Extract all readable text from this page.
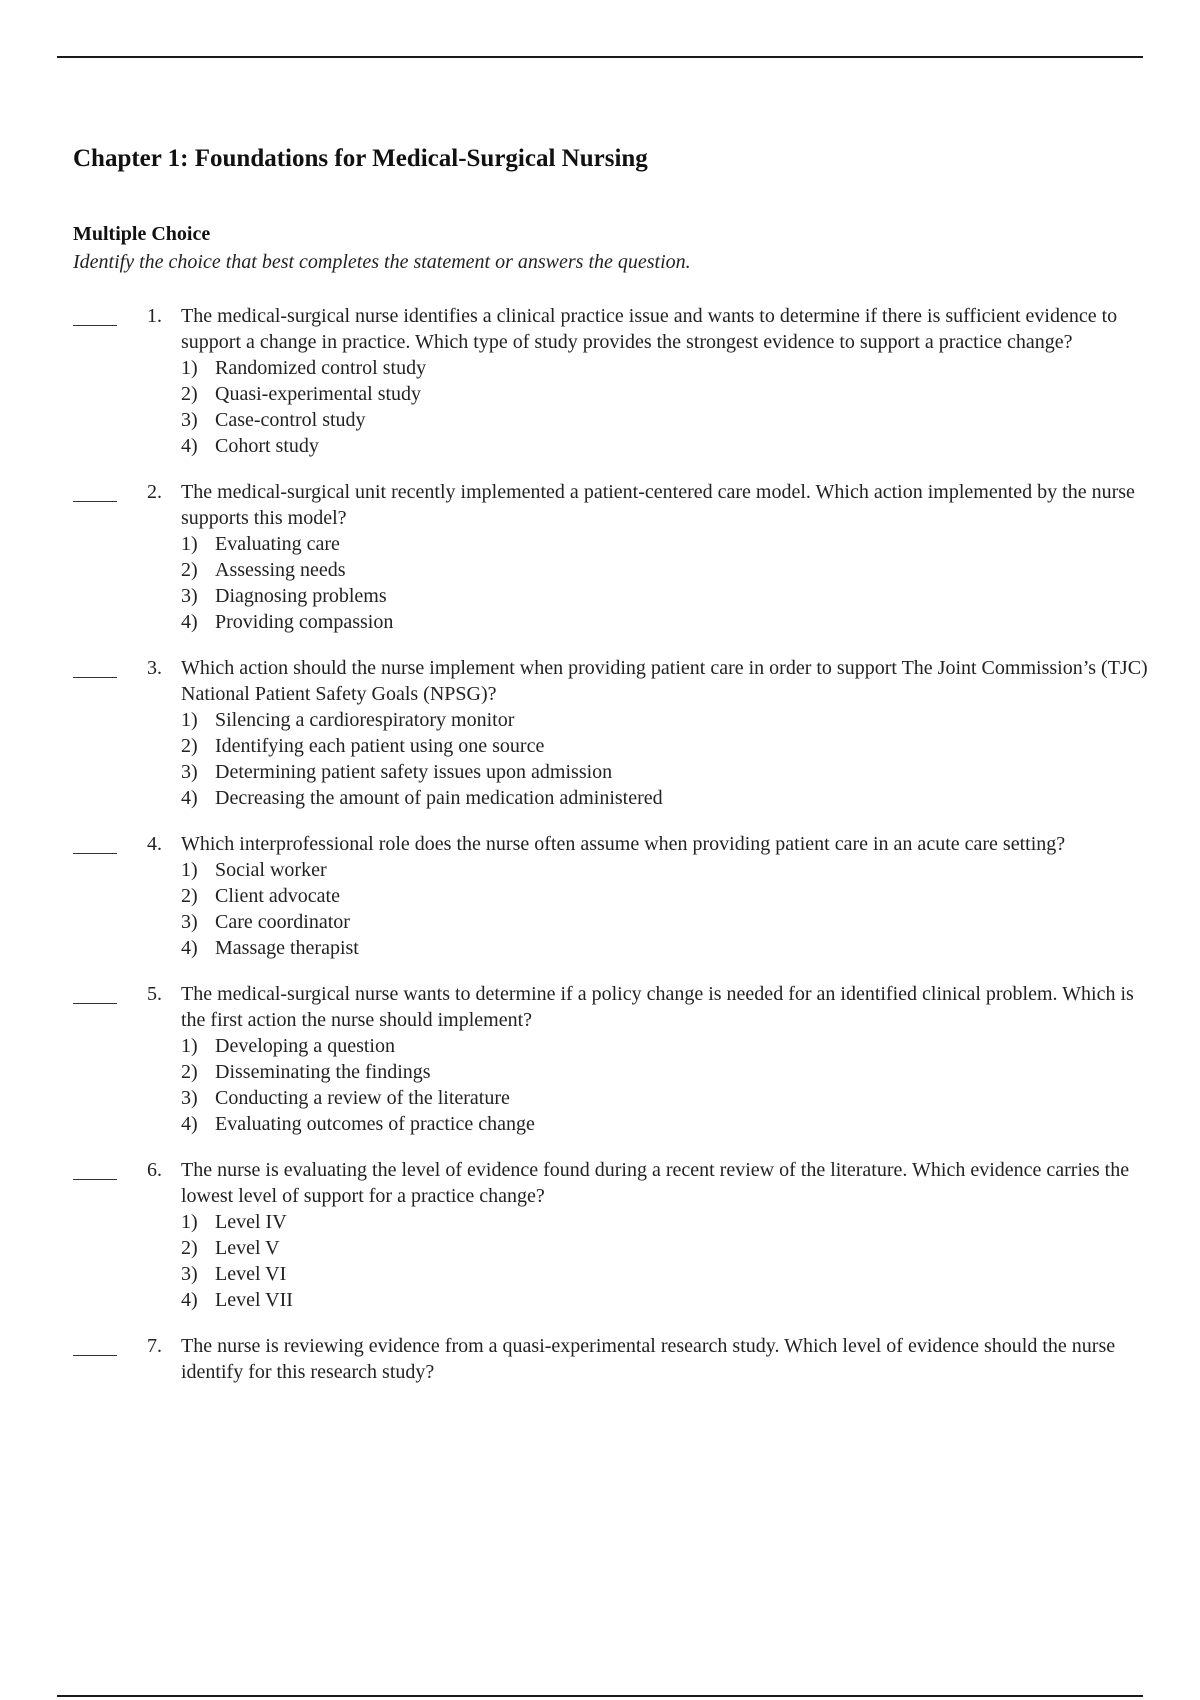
Chapter 1: Foundations for Medical-Surgical Nursing
Multiple Choice

Identify the choice that best completes the statement or answers the question.

1. The medical-surgical nurse identifies a clinical practice issue and wants to determine if there is sufficient evidence to support a change in practice. Which type of study provides the strongest evidence to support a practice change?

1) Randomized control study
2) Quasi-experimental study
3) Case-control study
4) Cohort study
2. The medical-surgical unit recently implemented a patient-centered care model. Which action implemented by the nurse supports this model?

1) Evaluating care
2) Assessing needs
3) Diagnosing problems
4) Providing compassion
3. Which action should the nurse implement when providing patient care in order to support The Joint Commission’s (TJC) National Patient Safety Goals (NPSG)?

1) Silencing a cardiorespiratory monitor
2) Identifying each patient using one source
3) Determining patient safety issues upon admission
4) Decreasing the amount of pain medication administered
4. Which interprofessional role does the nurse often assume when providing patient care in an acute care setting?

1) Social worker
2) Client advocate
3) Care coordinator
4) Massage therapist
5. The medical-surgical nurse wants to determine if a policy change is needed for an identified clinical problem. Which is the first action the nurse should implement?

1) Developing a question
2) Disseminating the findings
3) Conducting a review of the literature
4) Evaluating outcomes of practice change
6. The nurse is evaluating the level of evidence found during a recent review of the literature. Which evidence carries the lowest level of support for a practice change?

1) Level IV
2) Level V
3) Level VI
4) Level VII
7. The nurse is reviewing evidence from a quasi-experimental research study. Which level of evidence should the nurse identify for this research study?
